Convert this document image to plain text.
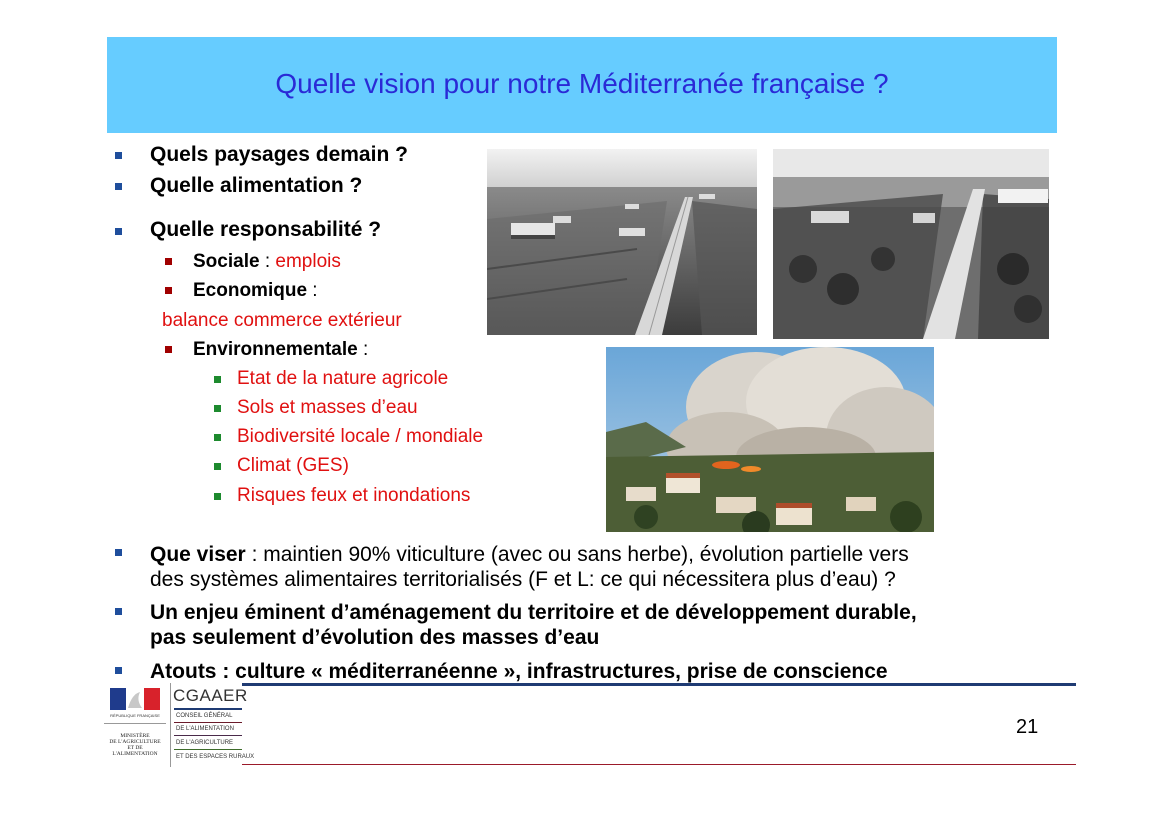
Quelle vision pour notre Méditerranée française ?
Quels paysages demain ?
Quelle alimentation ?
Quelle responsabilité ?
Sociale : emplois
Economique :
balance commerce extérieur
Environnementale :
Etat de la nature agricole
Sols et masses d’eau
Biodiversité locale / mondiale
Climat (GES)
Risques feux et inondations
Que viser : maintien 90% viticulture (avec ou sans herbe), évolution partielle vers
des systèmes alimentaires territorialisés (F et L: ce qui nécessitera plus d’eau) ?
Un enjeu éminent d’aménagement du territoire et de développement durable,
pas seulement d’évolution des masses d’eau
Atouts : culture « méditerranéenne », infrastructures, prise de conscience
21
RÉPUBLIQUE FRANÇAISE
MINISTÈRE
DE L'AGRICULTURE
ET DE
L'ALIMENTATION
CGAAER
CONSEIL GÉNÉRAL
DE L'ALIMENTATION
DE L'AGRICULTURE
ET DES ESPACES RURAUX
